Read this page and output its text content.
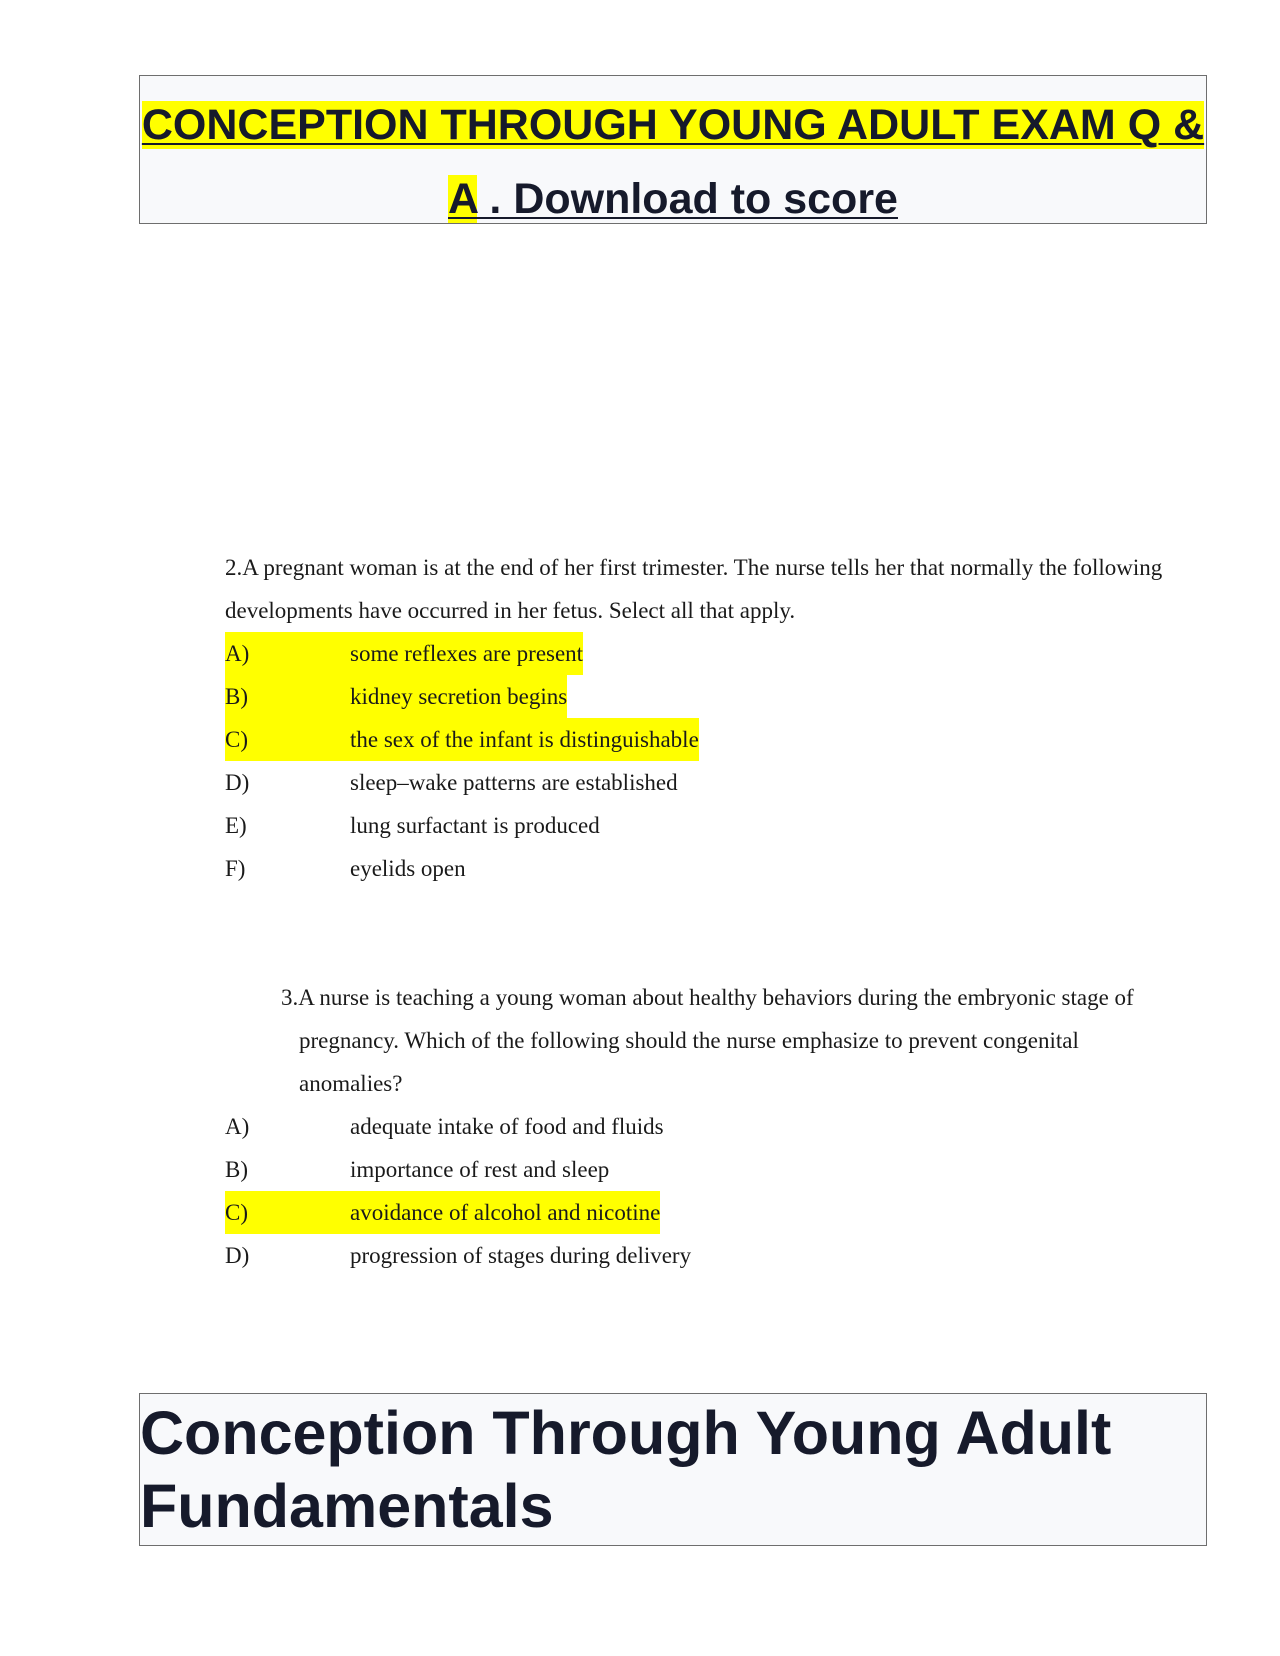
CONCEPTION THROUGH YOUNG ADULT EXAM Q &
A . Download to score
2.A pregnant woman is at the end of her first trimester. The nurse tells her that normally the following developments have occurred in her fetus. Select all that apply.
A)	some reflexes are present
B)	kidney secretion begins
C)	the sex of the infant is distinguishable
D)	sleep–wake patterns are established
E)	lung surfactant is produced
F)	eyelids open
3.A nurse is teaching a young woman about healthy behaviors during the embryonic stage of pregnancy. Which of the following should the nurse emphasize to prevent congenital anomalies?
A)	adequate intake of food and fluids
B)	importance of rest and sleep
C)	avoidance of alcohol and nicotine
D)	progression of stages during delivery
Conception Through Young Adult
Fundamentals
